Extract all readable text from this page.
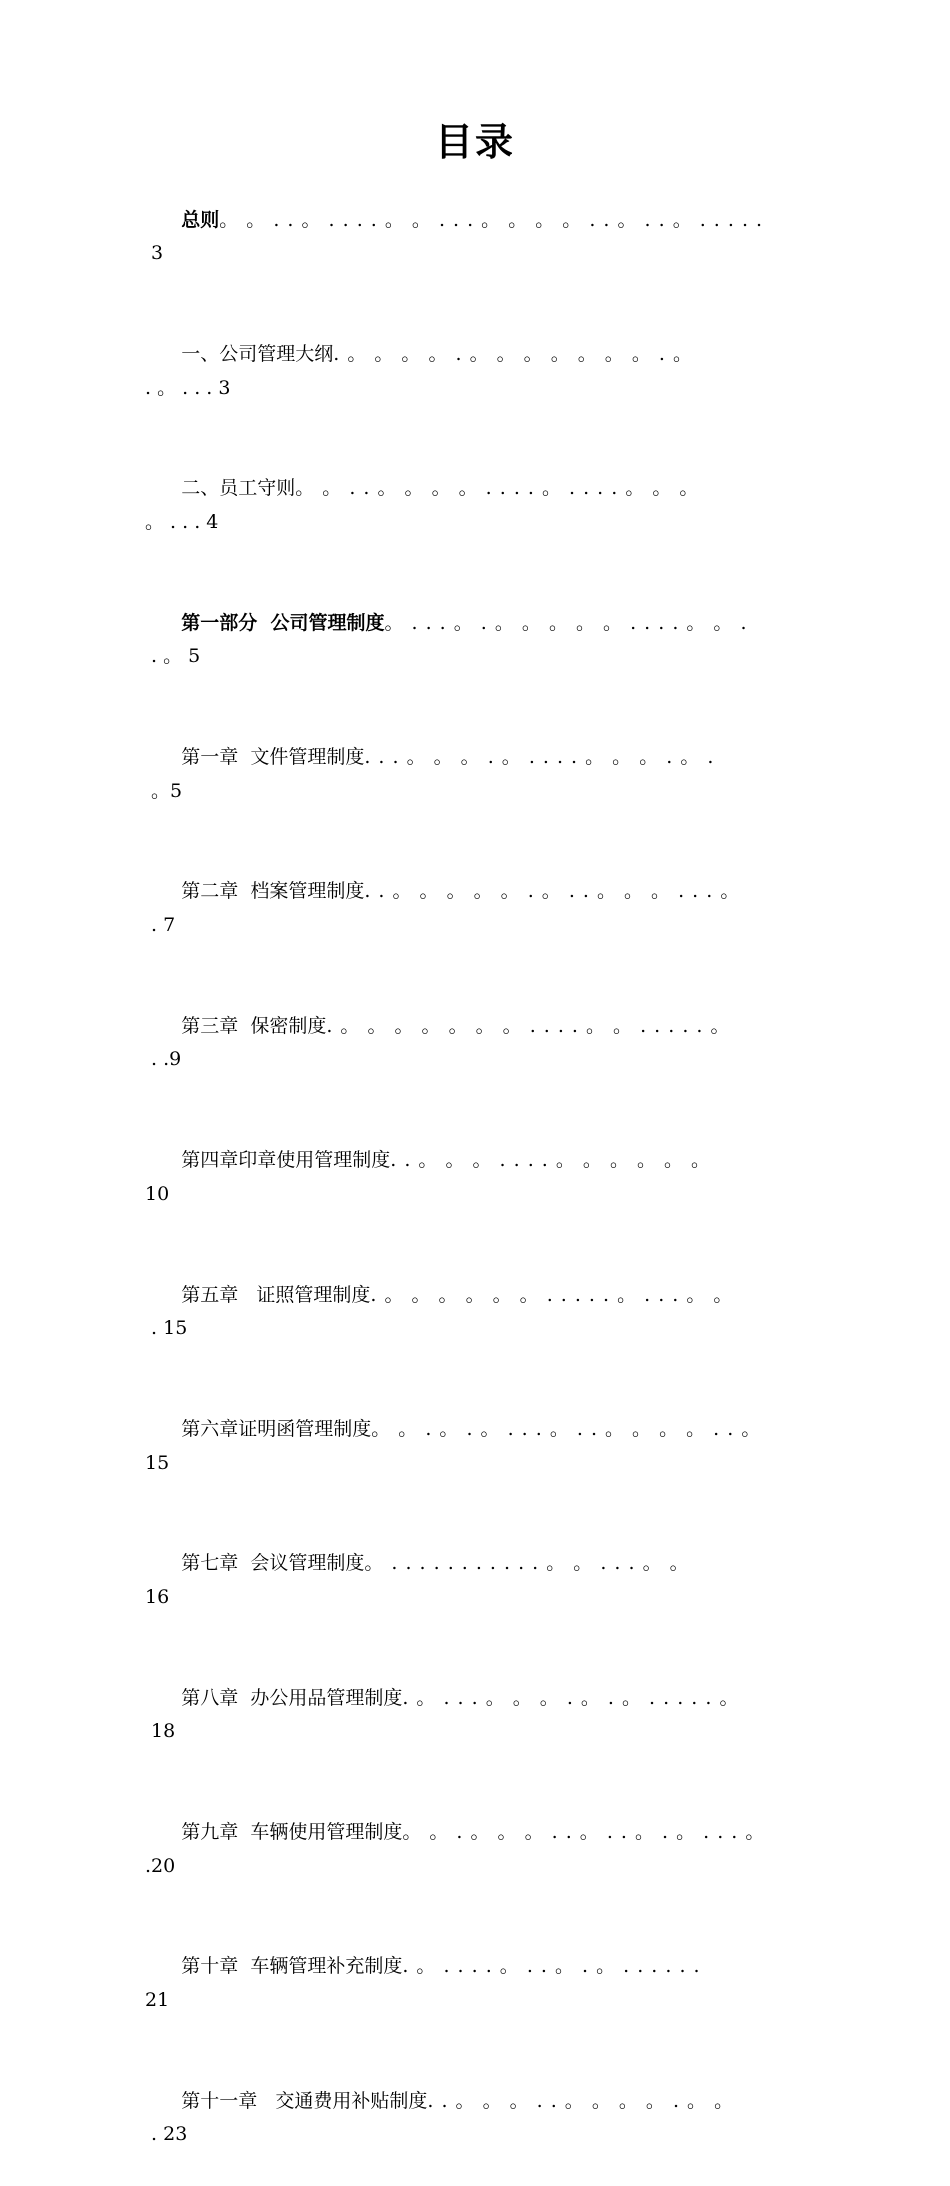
目录

总则。 。 . . 。 . . . . 。 。 . . . 。 。 。 。 . . 。 . . 。 . . . . .
3

一、公司管理大纲. 。 。 。 。 . 。 。 。 。 。 。 。 . 。
. 。 . . . 3

二、员工守则。 。 . . 。 。 。 。 . . . . 。 . . . . 。 。 。
。 . . . 4

第一部分  公司管理制度。 . . . 。 . 。 。 。 。 。 . . . . 。 。 .
. 。 5

第一章  文件管理制度. . . 。 。 。 . 。 . . . . 。 。 。 . 。 .
。5

第二章  档案管理制度. . 。 。 。 。 。 . 。 . . 。 。 。 . . . 。
. 7

第三章  保密制度. 。 。 。 。 。 。 。 . . . . 。 。 . . . . . 。
. .9

第四章印章使用管理制度. . 。 。 。 . . . . 。 。 。 。 。 。
10

第五章   证照管理制度. 。 。 。 。 。 。 . . . . . 。 . . . 。 。
. 15

第六章证明函管理制度。 。 . 。 . 。 . . . 。 . . 。 。 。 。 . . 。
15

第七章  会议管理制度。 . . . . . . . . . . . 。 。 . . . 。 。
16

第八章  办公用品管理制度. 。 . . . 。 。 。 . 。 . 。 . . . . . 。
18

第九章  车辆使用管理制度。 。 . 。 。 。 . . 。 . . 。 . 。 . . . 。
.20

第十章  车辆管理补充制度. 。 . . . . 。 . . 。 . 。 . . . . . .
21

第十一章   交通费用补贴制度. . 。 。 。 . . 。 。 。 。 . 。 。
. 23
